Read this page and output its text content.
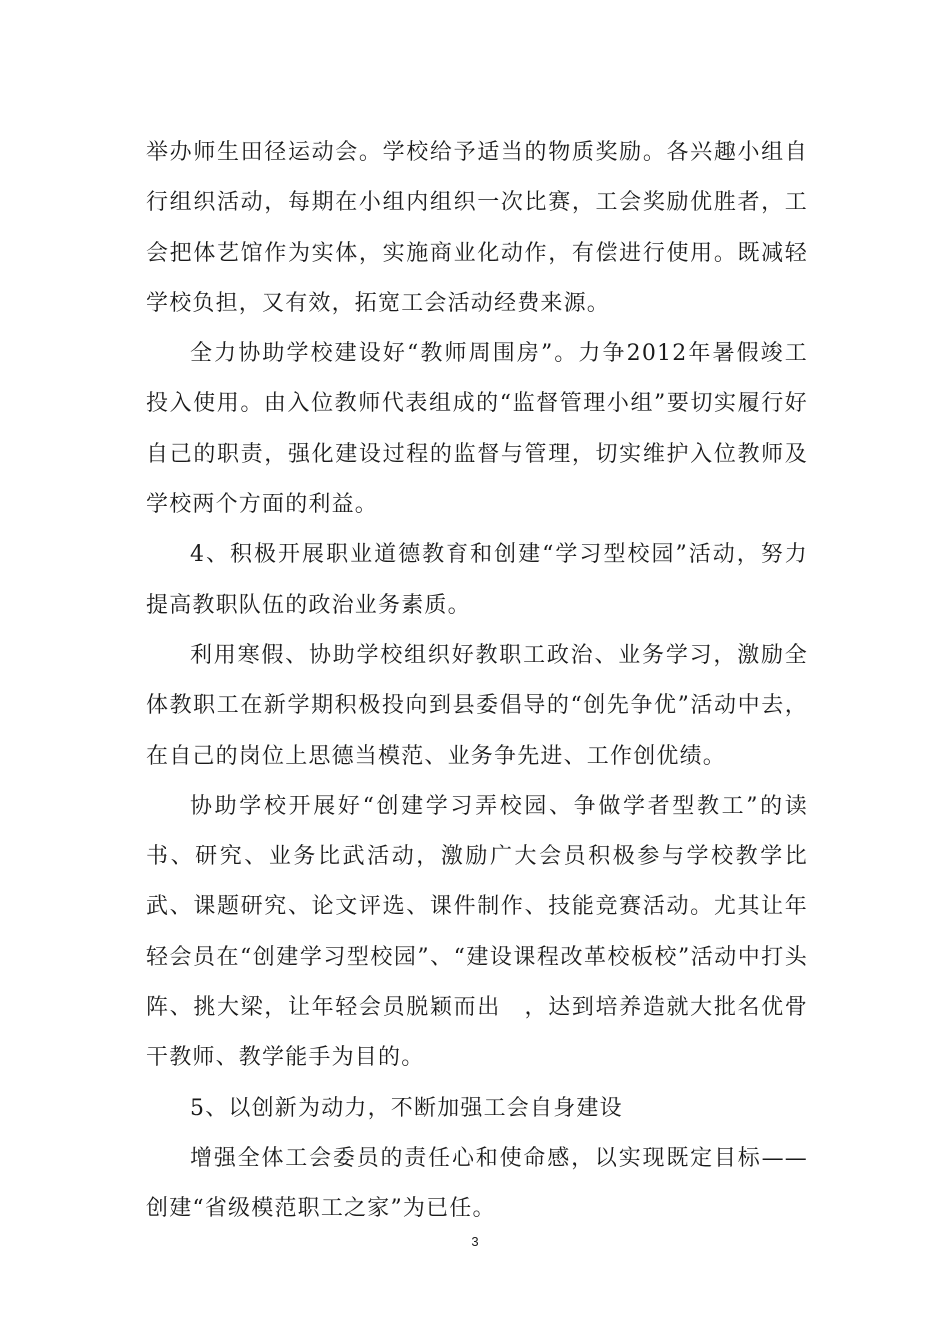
举办师生田径运动会。学校给予适当的物质奖励。各兴趣小组自行组织活动，每期在小组内组织一次比赛，工会奖励优胜者，工会把体艺馆作为实体，实施商业化动作，有偿进行使用。既减轻学校负担，又有效，拓宽工会活动经费来源。

全力协助学校建设好“教师周围房”。力争2012年暑假竣工投入使用。由入位教师代表组成的“监督管理小组”要切实履行好自己的职责，强化建设过程的监督与管理，切实维护入位教师及学校两个方面的利益。

4、积极开展职业道德教育和创建“学习型校园”活动，努力提高教职队伍的政治业务素质。

利用寒假、协助学校组织好教职工政治、业务学习，激励全体教职工在新学期积极投向到县委倡导的“创先争优”活动中去，在自己的岗位上思德当模范、业务争先进、工作创优绩。

协助学校开展好“创建学习弄校园、争做学者型教工”的读书、研究、业务比武活动，激励广大会员积极参与学校教学比武、课题研究、论文评选、课件制作、技能竞赛活动。尤其让年轻会员在“创建学习型校园”、“建设课程改革校板校”活动中打头阵、挑大梁，让年轻会员脱颖而出　，达到培养造就大批名优骨干教师、教学能手为目的。

5、以创新为动力，不断加强工会自身建设

增强全体工会委员的责任心和使命感，以实现既定目标——创建“省级模范职工之家”为已任。

3
